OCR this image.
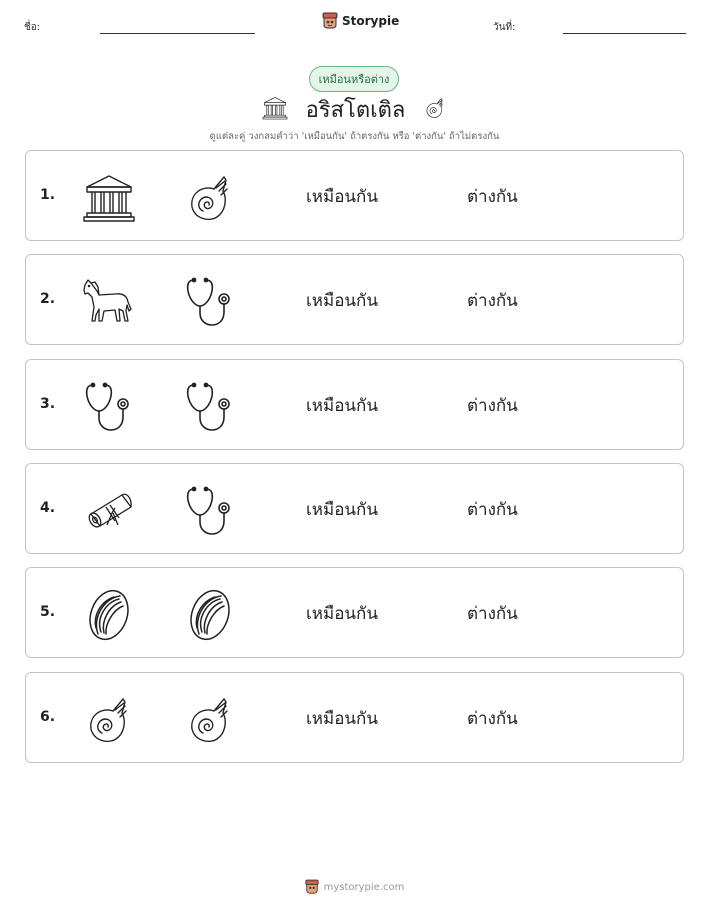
ชื่อ:	Storypie	วันที่:
เหมือนหรือต่าง
อริสโตเติล
ดูแต่ละคู่ วงกลมคำว่า 'เหมือนกัน' ถ้าตรงกัน หรือ 'ต่างกัน' ถ้าไม่ตรงกัน
1.	เหมือนกัน	ต่างกัน
2.	เหมือนกัน	ต่างกัน
3.	เหมือนกัน	ต่างกัน
4.	เหมือนกัน	ต่างกัน
5.	เหมือนกัน	ต่างกัน
6.	เหมือนกัน	ต่างกัน
mystorypie.com
